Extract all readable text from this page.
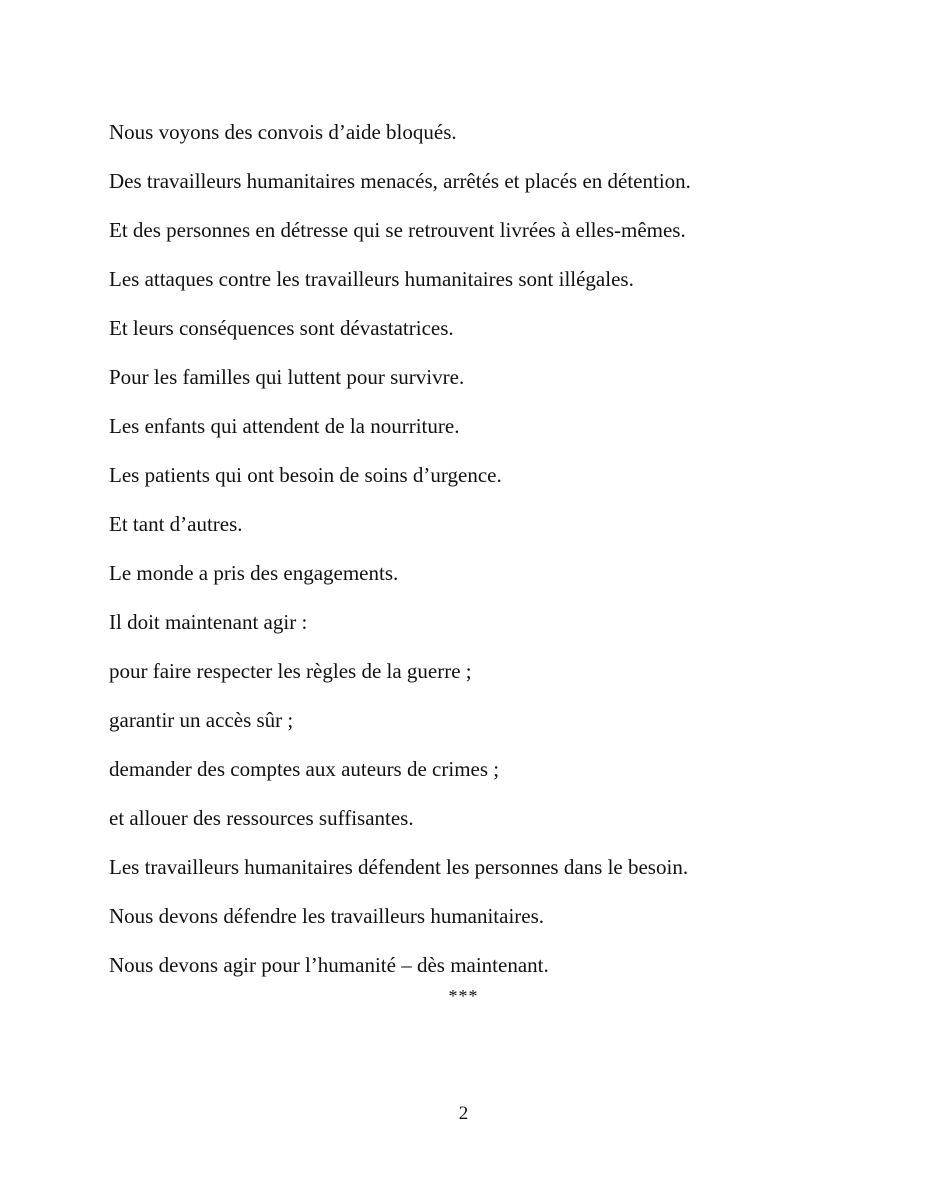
Nous voyons des convois d’aide bloqués.

Des travailleurs humanitaires menacés, arrêtés et placés en détention.

Et des personnes en détresse qui se retrouvent livrées à elles-mêmes.

Les attaques contre les travailleurs humanitaires sont illégales.

Et leurs conséquences sont dévastatrices.

Pour les familles qui luttent pour survivre.

Les enfants qui attendent de la nourriture.

Les patients qui ont besoin de soins d’urgence.

Et tant d’autres.

Le monde a pris des engagements.

Il doit maintenant agir :

pour faire respecter les règles de la guerre ;

garantir un accès sûr ;

demander des comptes aux auteurs de crimes ;

et allouer des ressources suffisantes.

Les travailleurs humanitaires défendent les personnes dans le besoin.

Nous devons défendre les travailleurs humanitaires.

Nous devons agir pour l’humanité – dès maintenant.

***
2
